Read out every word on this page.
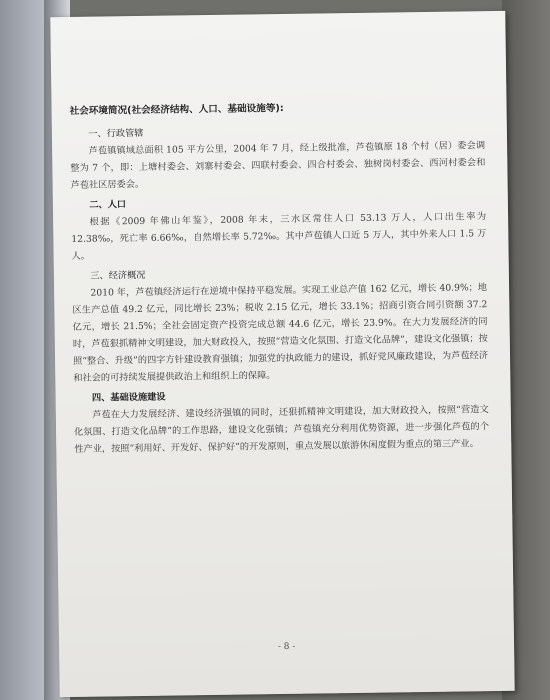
社会环境简况(社会经济结构、人口、基础设施等):
一、行政管辖

芦苞镇镇域总面积 105 平方公里，2004 年 7 月，经上级批准，芦苞镇原 18 个村（居）委会调整为 7 个，即：上塘村委会、刘寨村委会、四联村委会、四合村委会、独树岗村委会、西河村委会和芦苞社区居委会。

二、人口

根据《2009 年佛山年鉴》，2008 年末，三水区常住人口 53.13 万人，人口出生率为 12.38‰，死亡率 6.66‰，自然增长率 5.72‰。其中芦苞镇人口近 5 万人，其中外来人口 1.5 万人。

三、经济概况

2010 年，芦苞镇经济运行在逆境中保持平稳发展。实现工业总产值 162 亿元，增长 40.9%；地区生产总值 49.2 亿元，同比增长 23%；税收 2.15 亿元，增长 33.1%；招商引资合同引资额 37.2 亿元，增长 21.5%；全社会固定资产投资完成总额 44.6 亿元，增长 23.9%。在大力发展经济的同时，芦苞狠抓精神文明建设，加大财政投入，按照“营造文化氛围、打造文化品牌”，建设文化强镇；按照“整合、升级”的四字方针建设教育强镇；加强党的执政能力的建设，抓好党风廉政建设，为芦苞经济和社会的可持续发展提供政治上和组织上的保障。

四、基础设施建设

芦苞在大力发展经济、建设经济强镇的同时，还狠抓精神文明建设，加大财政投入，按照“营造文化氛围、打造文化品牌”的工作思路，建设文化强镇；芦苞镇充分利用优势资源，进一步强化芦苞的个性产业，按照“利用好、开发好、保护好”的开发原则，重点发展以旅游休闲度假为重点的第三产业。

- 8 -
